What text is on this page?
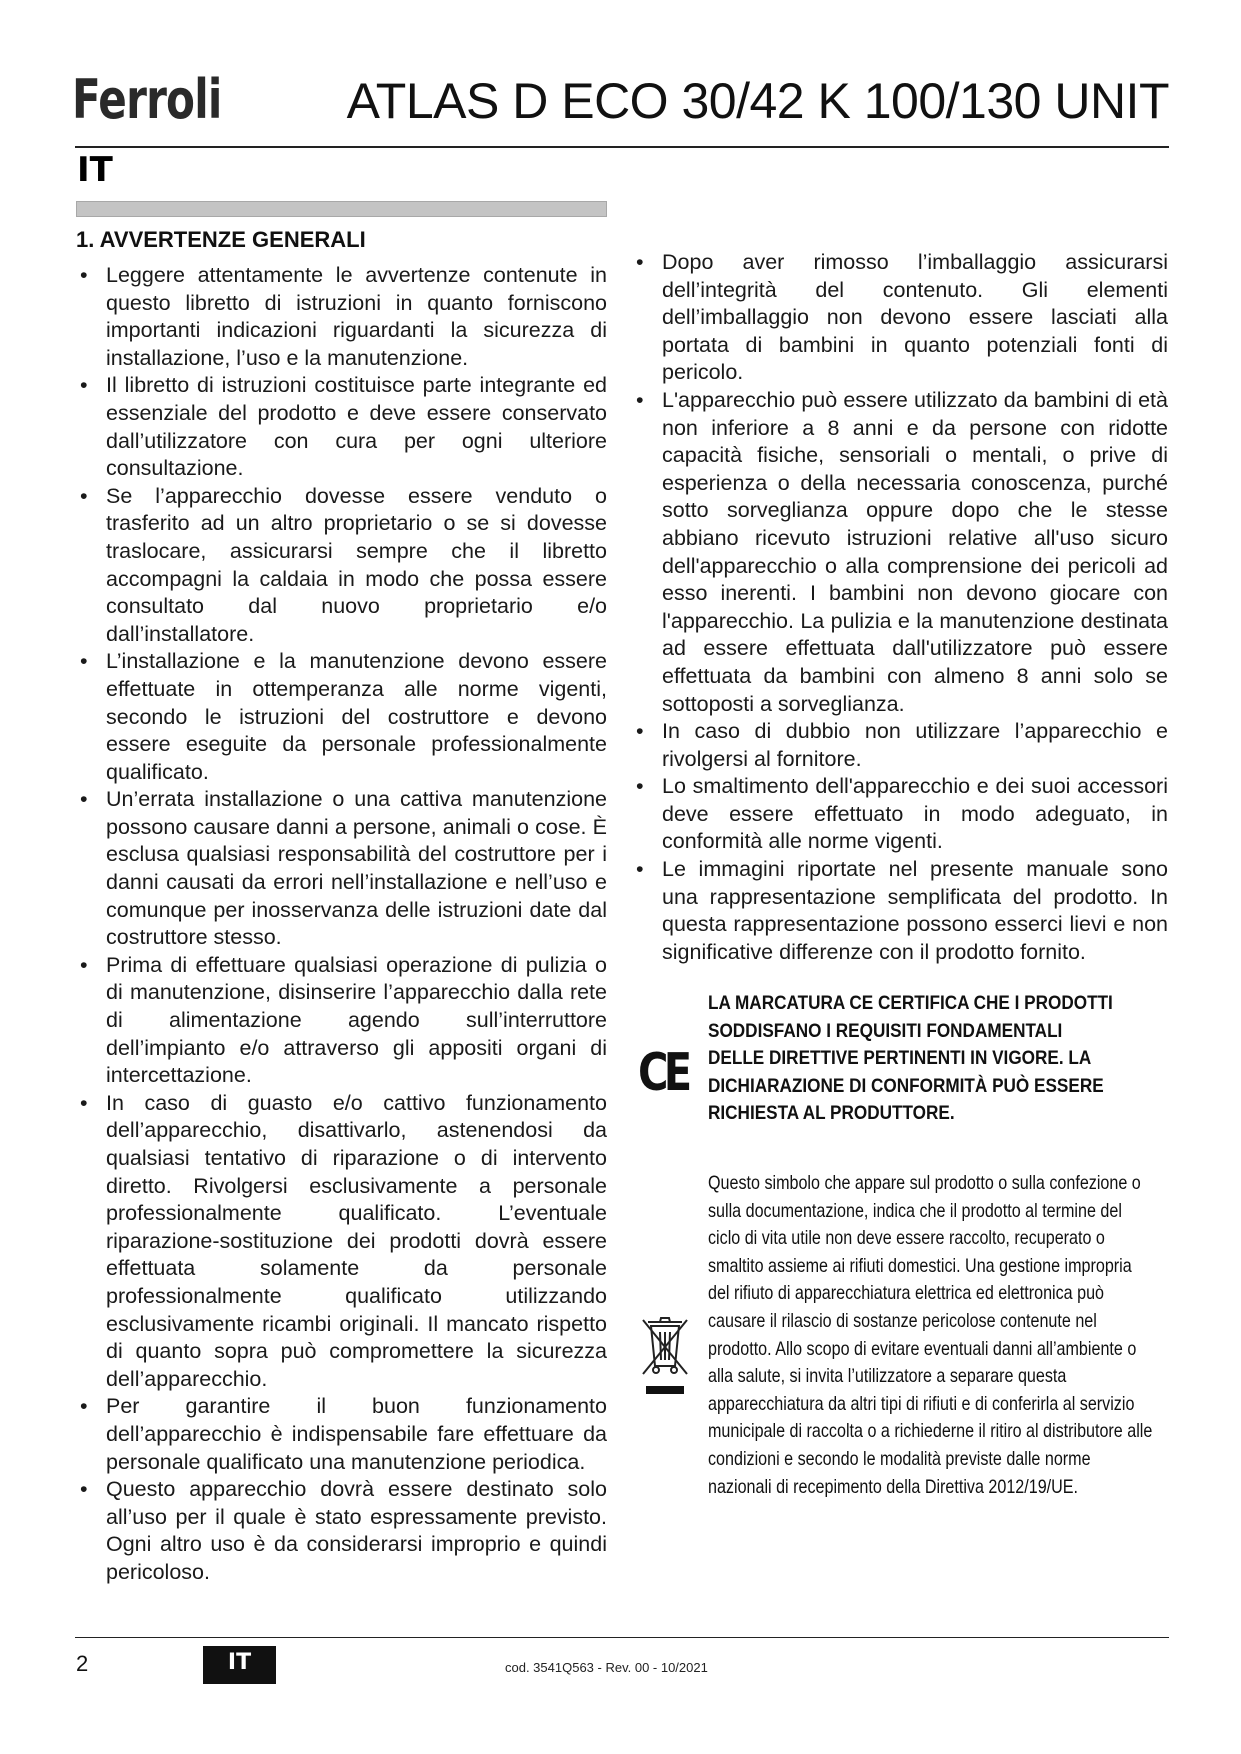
Ferroli	ATLAS D ECO 30/42 K 100/130 UNIT
IT
1. AVVERTENZE GENERALI

• Leggere attentamente le avvertenze contenute in questo libretto di istruzioni in quanto forniscono importanti indicazioni riguardanti la sicurezza di installazione, l’uso e la manutenzione.

• Il libretto di istruzioni costituisce parte integrante ed essenziale del prodotto e deve essere conservato dall’utilizzatore con cura per ogni ulteriore consultazione.

• Se l’apparecchio dovesse essere venduto o trasferito ad un altro proprietario o se si dovesse traslocare, assicurarsi sempre che il libretto accompagni la caldaia in modo che possa essere consultato dal nuovo proprietario e/o dall’installatore.

• L’installazione e la manutenzione devono essere effettuate in ottemperanza alle norme vigenti, secondo le istruzioni del costruttore e devono essere eseguite da personale professionalmente qualificato.

• Un’errata installazione o una cattiva manutenzione possono causare danni a persone, animali o cose. È esclusa qualsiasi responsabilità del costruttore per i danni causati da errori nell’installazione e nell’uso e comunque per inosservanza delle istruzioni date dal costruttore stesso.

• Prima di effettuare qualsiasi operazione di pulizia o di manutenzione, disinserire l’apparecchio dalla rete di alimentazione agendo sull’interruttore dell’impianto e/o attraverso gli appositi organi di intercettazione.

• In caso di guasto e/o cattivo funzionamento dell’apparecchio, disattivarlo, astenendosi da qualsiasi tentativo di riparazione o di intervento diretto. Rivolgersi esclusivamente a personale professionalmente qualificato. L’eventuale riparazione-sostituzione dei prodotti dovrà essere effettuata solamente da personale professionalmente qualificato utilizzando esclusivamente ricambi originali. Il mancato rispetto di quanto sopra può compromettere la sicurezza dell’apparecchio.

• Per garantire il buon funzionamento dell’apparecchio è indispensabile fare effettuare da personale qualificato una manutenzione periodica.

• Questo apparecchio dovrà essere destinato solo all’uso per il quale è stato espressamente previsto. Ogni altro uso è da considerarsi improprio e quindi pericoloso.

• Dopo aver rimosso l’imballaggio assicurarsi dell’integrità del contenuto. Gli elementi dell’imballaggio non devono essere lasciati alla portata di bambini in quanto potenziali fonti di pericolo.

• L'apparecchio può essere utilizzato da bambini di età non inferiore a 8 anni e da persone con ridotte capacità fisiche, sensoriali o mentali, o prive di esperienza o della necessaria conoscenza, purché sotto sorveglianza oppure dopo che le stesse abbiano ricevuto istruzioni relative all'uso sicuro dell'apparecchio o alla comprensione dei pericoli ad esso inerenti. I bambini non devono giocare con l'apparecchio. La pulizia e la manutenzione destinata ad essere effettuata dall'utilizzatore può essere effettuata da bambini con almeno 8 anni solo se sottoposti a sorveglianza.

• In caso di dubbio non utilizzare l’apparecchio e rivolgersi al fornitore.

• Lo smaltimento dell'apparecchio e dei suoi accessori deve essere effettuato in modo adeguato, in conformità alle norme vigenti.

• Le immagini riportate nel presente manuale sono una rappresentazione semplificata del prodotto. In questa rappresentazione possono esserci lievi e non significative differenze con il prodotto fornito.

CE
LA MARCATURA CE CERTIFICA CHE I PRODOTTI SODDISFANO I REQUISITI FONDAMENTALI DELLE DIRETTIVE PERTINENTI IN VIGORE. LA DICHIARAZIONE DI CONFORMITÀ PUÒ ESSERE RICHIESTA AL PRODUTTORE.
Questo simbolo che appare sul prodotto o sulla confezione o sulla documentazione, indica che il prodotto al termine del ciclo di vita utile non deve essere raccolto, recuperato o smaltito assieme ai rifiuti domestici. Una gestione impropria del rifiuto di apparecchiatura elettrica ed elettronica può causare il rilascio di sostanze pericolose contenute nel prodotto. Allo scopo di evitare eventuali danni all’ambiente o alla salute, si invita l’utilizzatore a separare questa apparecchiatura da altri tipi di rifiuti e di conferirla al servizio municipale di raccolta o a richiederne il ritiro al distributore alle condizioni e secondo le modalità previste dalle norme nazionali di recepimento della Direttiva 2012/19/UE.
2	IT	cod. 3541Q563 - Rev. 00 - 10/2021
